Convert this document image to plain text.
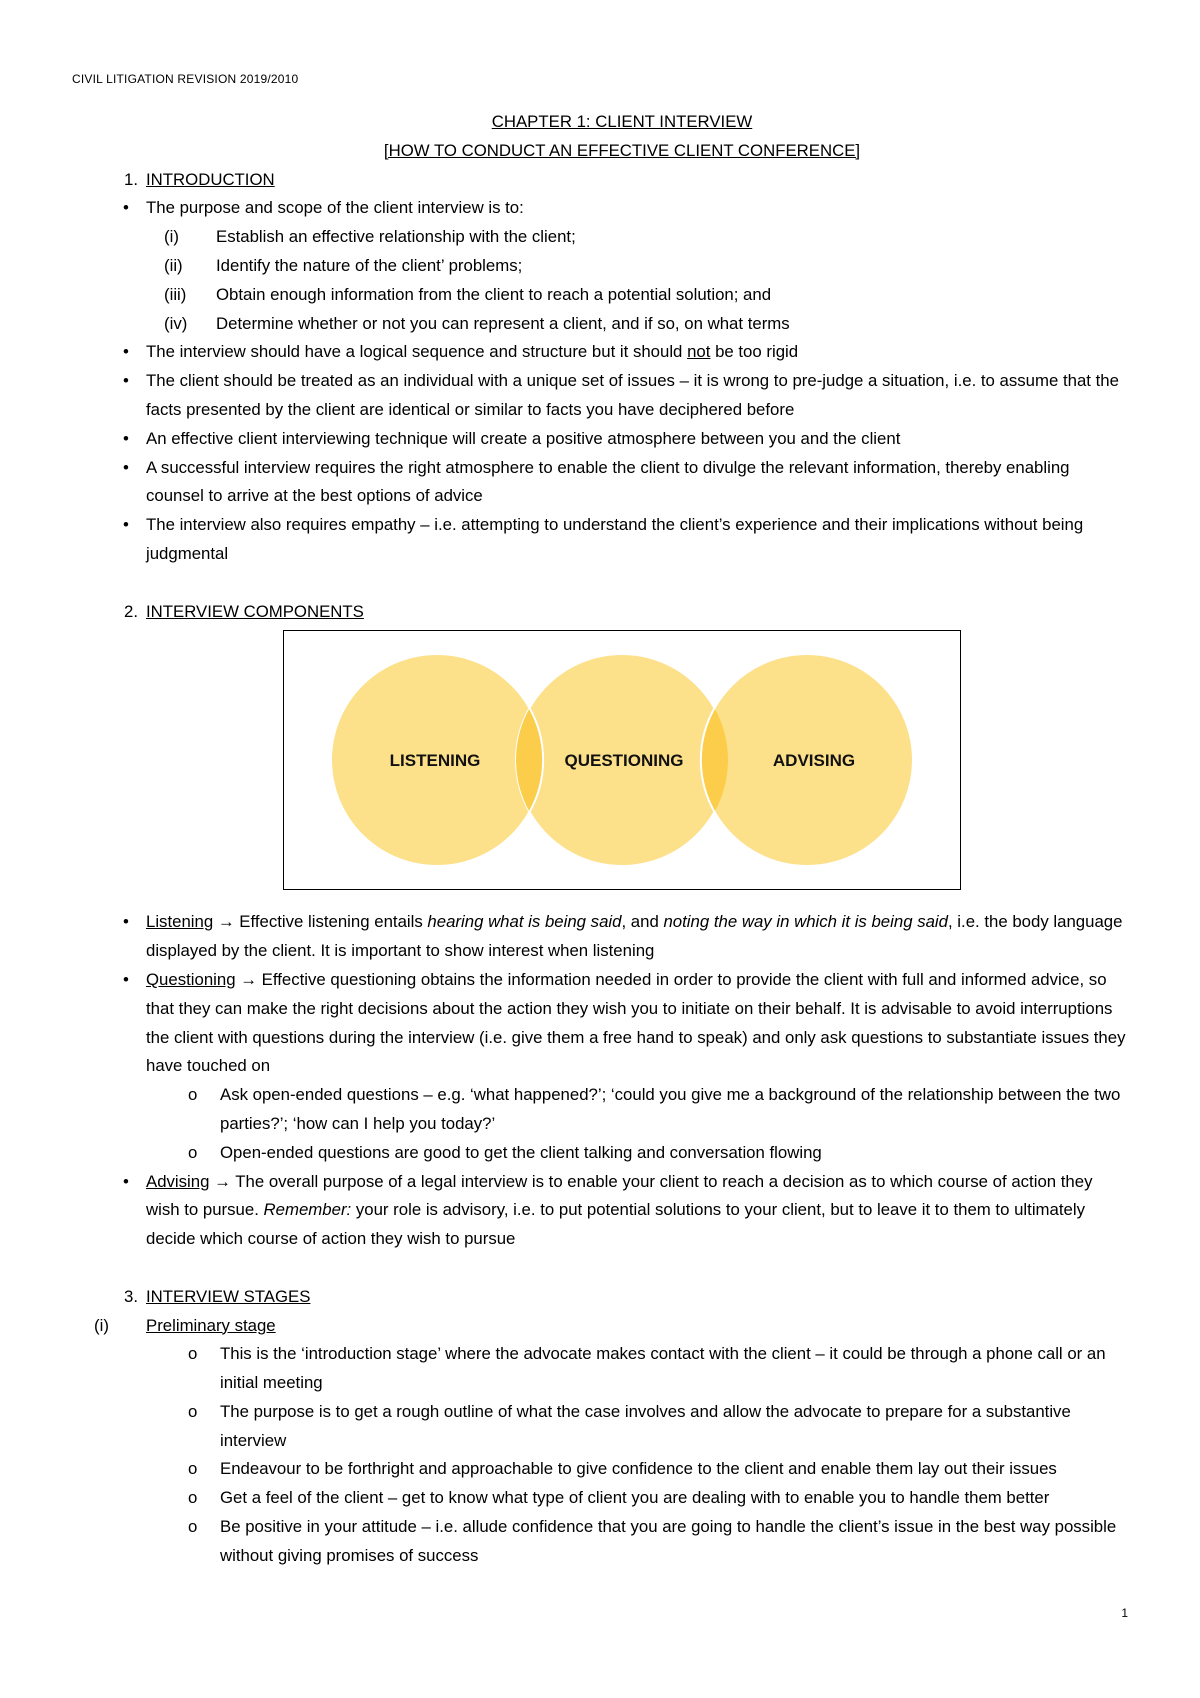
CIVIL LITIGATION REVISION 2019/2010
CHAPTER 1: CLIENT INTERVIEW
[HOW TO CONDUCT AN EFFECTIVE CLIENT CONFERENCE]
1. INTRODUCTION
•	The purpose and scope of the client interview is to:
(i) Establish an effective relationship with the client;
(ii) Identify the nature of the client’ problems;
(iii) Obtain enough information from the client to reach a potential solution; and
(iv) Determine whether or not you can represent a client, and if so, on what terms
•	The interview should have a logical sequence and structure but it should not be too rigid
•	The client should be treated as an individual with a unique set of issues – it is wrong to pre-judge a situation, i.e. to assume that the facts presented by the client are identical or similar to facts you have deciphered before
•	An effective client interviewing technique will create a positive atmosphere between you and the client
•	A successful interview requires the right atmosphere to enable the client to divulge the relevant information, thereby enabling counsel to arrive at the best options of advice
•	The interview also requires empathy – i.e. attempting to understand the client’s experience and their implications without being judgmental
2. INTERVIEW COMPONENTS
LISTENING	QUESTIONING	ADVISING
•	Listening → Effective listening entails hearing what is being said, and noting the way in which it is being said, i.e. the body language displayed by the client. It is important to show interest when listening
•	Questioning → Effective questioning obtains the information needed in order to provide the client with full and informed advice, so that they can make the right decisions about the action they wish you to initiate on their behalf. It is advisable to avoid interruptions the client with questions during the interview (i.e. give them a free hand to speak) and only ask questions to substantiate issues they have touched on
o Ask open-ended questions – e.g. ‘what happened?’; ‘could you give me a background of the relationship between the two parties?’; ‘how can I help you today?’
o Open-ended questions are good to get the client talking and conversation flowing
•	Advising → The overall purpose of a legal interview is to enable your client to reach a decision as to which course of action they wish to pursue. Remember: your role is advisory, i.e. to put potential solutions to your client, but to leave it to them to ultimately decide which course of action they wish to pursue
3. INTERVIEW STAGES
(i) Preliminary stage
o This is the ‘introduction stage’ where the advocate makes contact with the client – it could be through a phone call or an initial meeting
o The purpose is to get a rough outline of what the case involves and allow the advocate to prepare for a substantive interview
o Endeavour to be forthright and approachable to give confidence to the client and enable them lay out their issues
o Get a feel of the client – get to know what type of client you are dealing with to enable you to handle them better
o Be positive in your attitude – i.e. allude confidence that you are going to handle the client’s issue in the best way possible without giving promises of success
1
